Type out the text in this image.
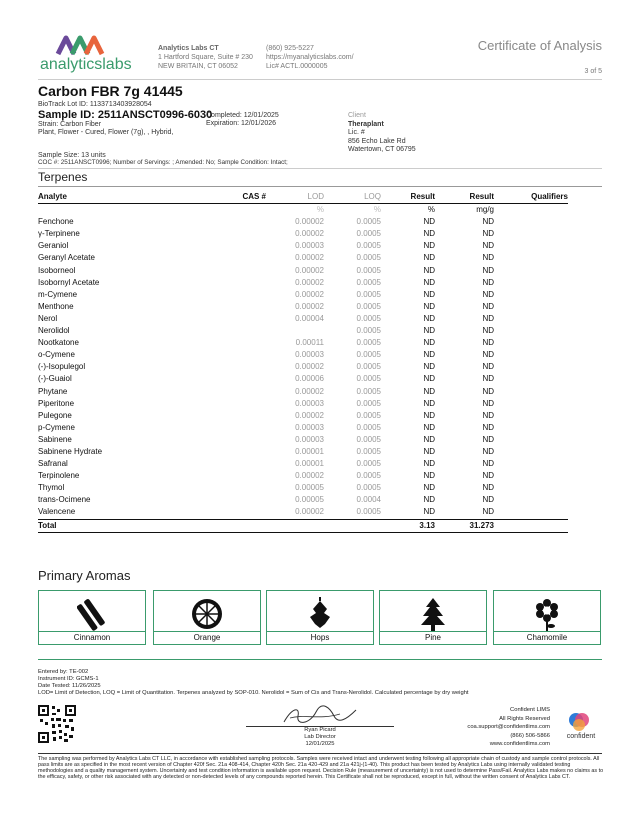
analyticslabs
Analytics Labs CT
1 Hartford Square, Suite # 230
NEW BRITAIN, CT 06052
(860) 925-5227
https://myanalyticslabs.com/
Lic# ACTL.0000005
Certificate of Analysis
3 of 5
Carbon FBR 7g 41445
BioTrack Lot ID: 1133713403928054
Sample ID: 2511ANSCT0996-6030
Strain: Carbon Fiber
Plant, Flower - Cured, Flower (7g), , Hybrid,
Completed: 12/01/2025
Expiration: 12/01/2026
Client
Theraplant
Lic. #
856 Echo Lake Rd
Watertown, CT 06795
Sample Size: 13 units
COC #: 2511ANSCT0996; Number of Servings: ; Amended: No; Sample Condition: Intact;
Terpenes
Analyte	CAS #	LOD	LOQ	Result	Result	Qualifiers
		%	%	%	mg/g	
Fenchone		0.00002	0.0005	ND	ND	
γ-Terpinene		0.00002	0.0005	ND	ND	
Geraniol		0.00003	0.0005	ND	ND	
Geranyl Acetate		0.00002	0.0005	ND	ND	
Isoborneol		0.00002	0.0005	ND	ND	
Isobornyl Acetate		0.00002	0.0005	ND	ND	
m-Cymene		0.00002	0.0005	ND	ND	
Menthone		0.00002	0.0005	ND	ND	
Nerol		0.00004	0.0005	ND	ND	
Nerolidol			0.0005	ND	ND	
Nootkatone		0.00011	0.0005	ND	ND	
o-Cymene		0.00003	0.0005	ND	ND	
(-)-Isopulegol		0.00002	0.0005	ND	ND	
(-)-Guaiol		0.00006	0.0005	ND	ND	
Phytane		0.00002	0.0005	ND	ND	
Piperitone		0.00003	0.0005	ND	ND	
Pulegone		0.00002	0.0005	ND	ND	
p-Cymene		0.00003	0.0005	ND	ND	
Sabinene		0.00003	0.0005	ND	ND	
Sabinene Hydrate		0.00001	0.0005	ND	ND	
Safranal		0.00001	0.0005	ND	ND	
Terpinolene		0.00002	0.0005	ND	ND	
Thymol		0.00005	0.0005	ND	ND	
trans-Ocimene		0.00005	0.0004	ND	ND	
Valencene		0.00002	0.0005	ND	ND	
Total				3.13	31.273	
Primary Aromas
Cinnamon	Orange	Hops	Pine	Chamomile
Entered by: TE-002
Instrument ID: GCMS-1
Date Tested: 11/26/2025
LOD= Limit of Detection, LOQ = Limit of Quantitation. Terpenes analyzed by SOP-010. Nerolidol = Sum of Cis and Trans-Nerolidol. Calculated percentage by dry weight
Ryan Picard
Lab Director
12/01/2025
Confident LIMS
All Rights Reserved
coa.support@confidentlims.com
(866) 506-5866
www.confidentlims.com
confident
The sampling was performed by Analytics Labs CT LLC, in accordance with established sampling protocols. Samples were received intact and underwent testing following all appropriate chain of custody and sample control protocols. All pass limits are as specified in the most recent version of Chapter 420f Sec. 21a 408-414, Chapter 420h Sec. 21a 420-429 and 21a 421j-(1-40). This product has been tested by Analytics Labs using internally validated testing methodologies and a quality management system. Uncertainty and test condition information is available upon request. Decision Rule (measurement of uncertainty) is not used to determine Pass/Fail. Analytics Labs makes no claims as to the efficacy, safety, or other risk associated with any detected or non-detected levels of any compounds reported herein. This Certificate shall not be reproduced, except in full, without the written consent of Analytics Labs CT.
